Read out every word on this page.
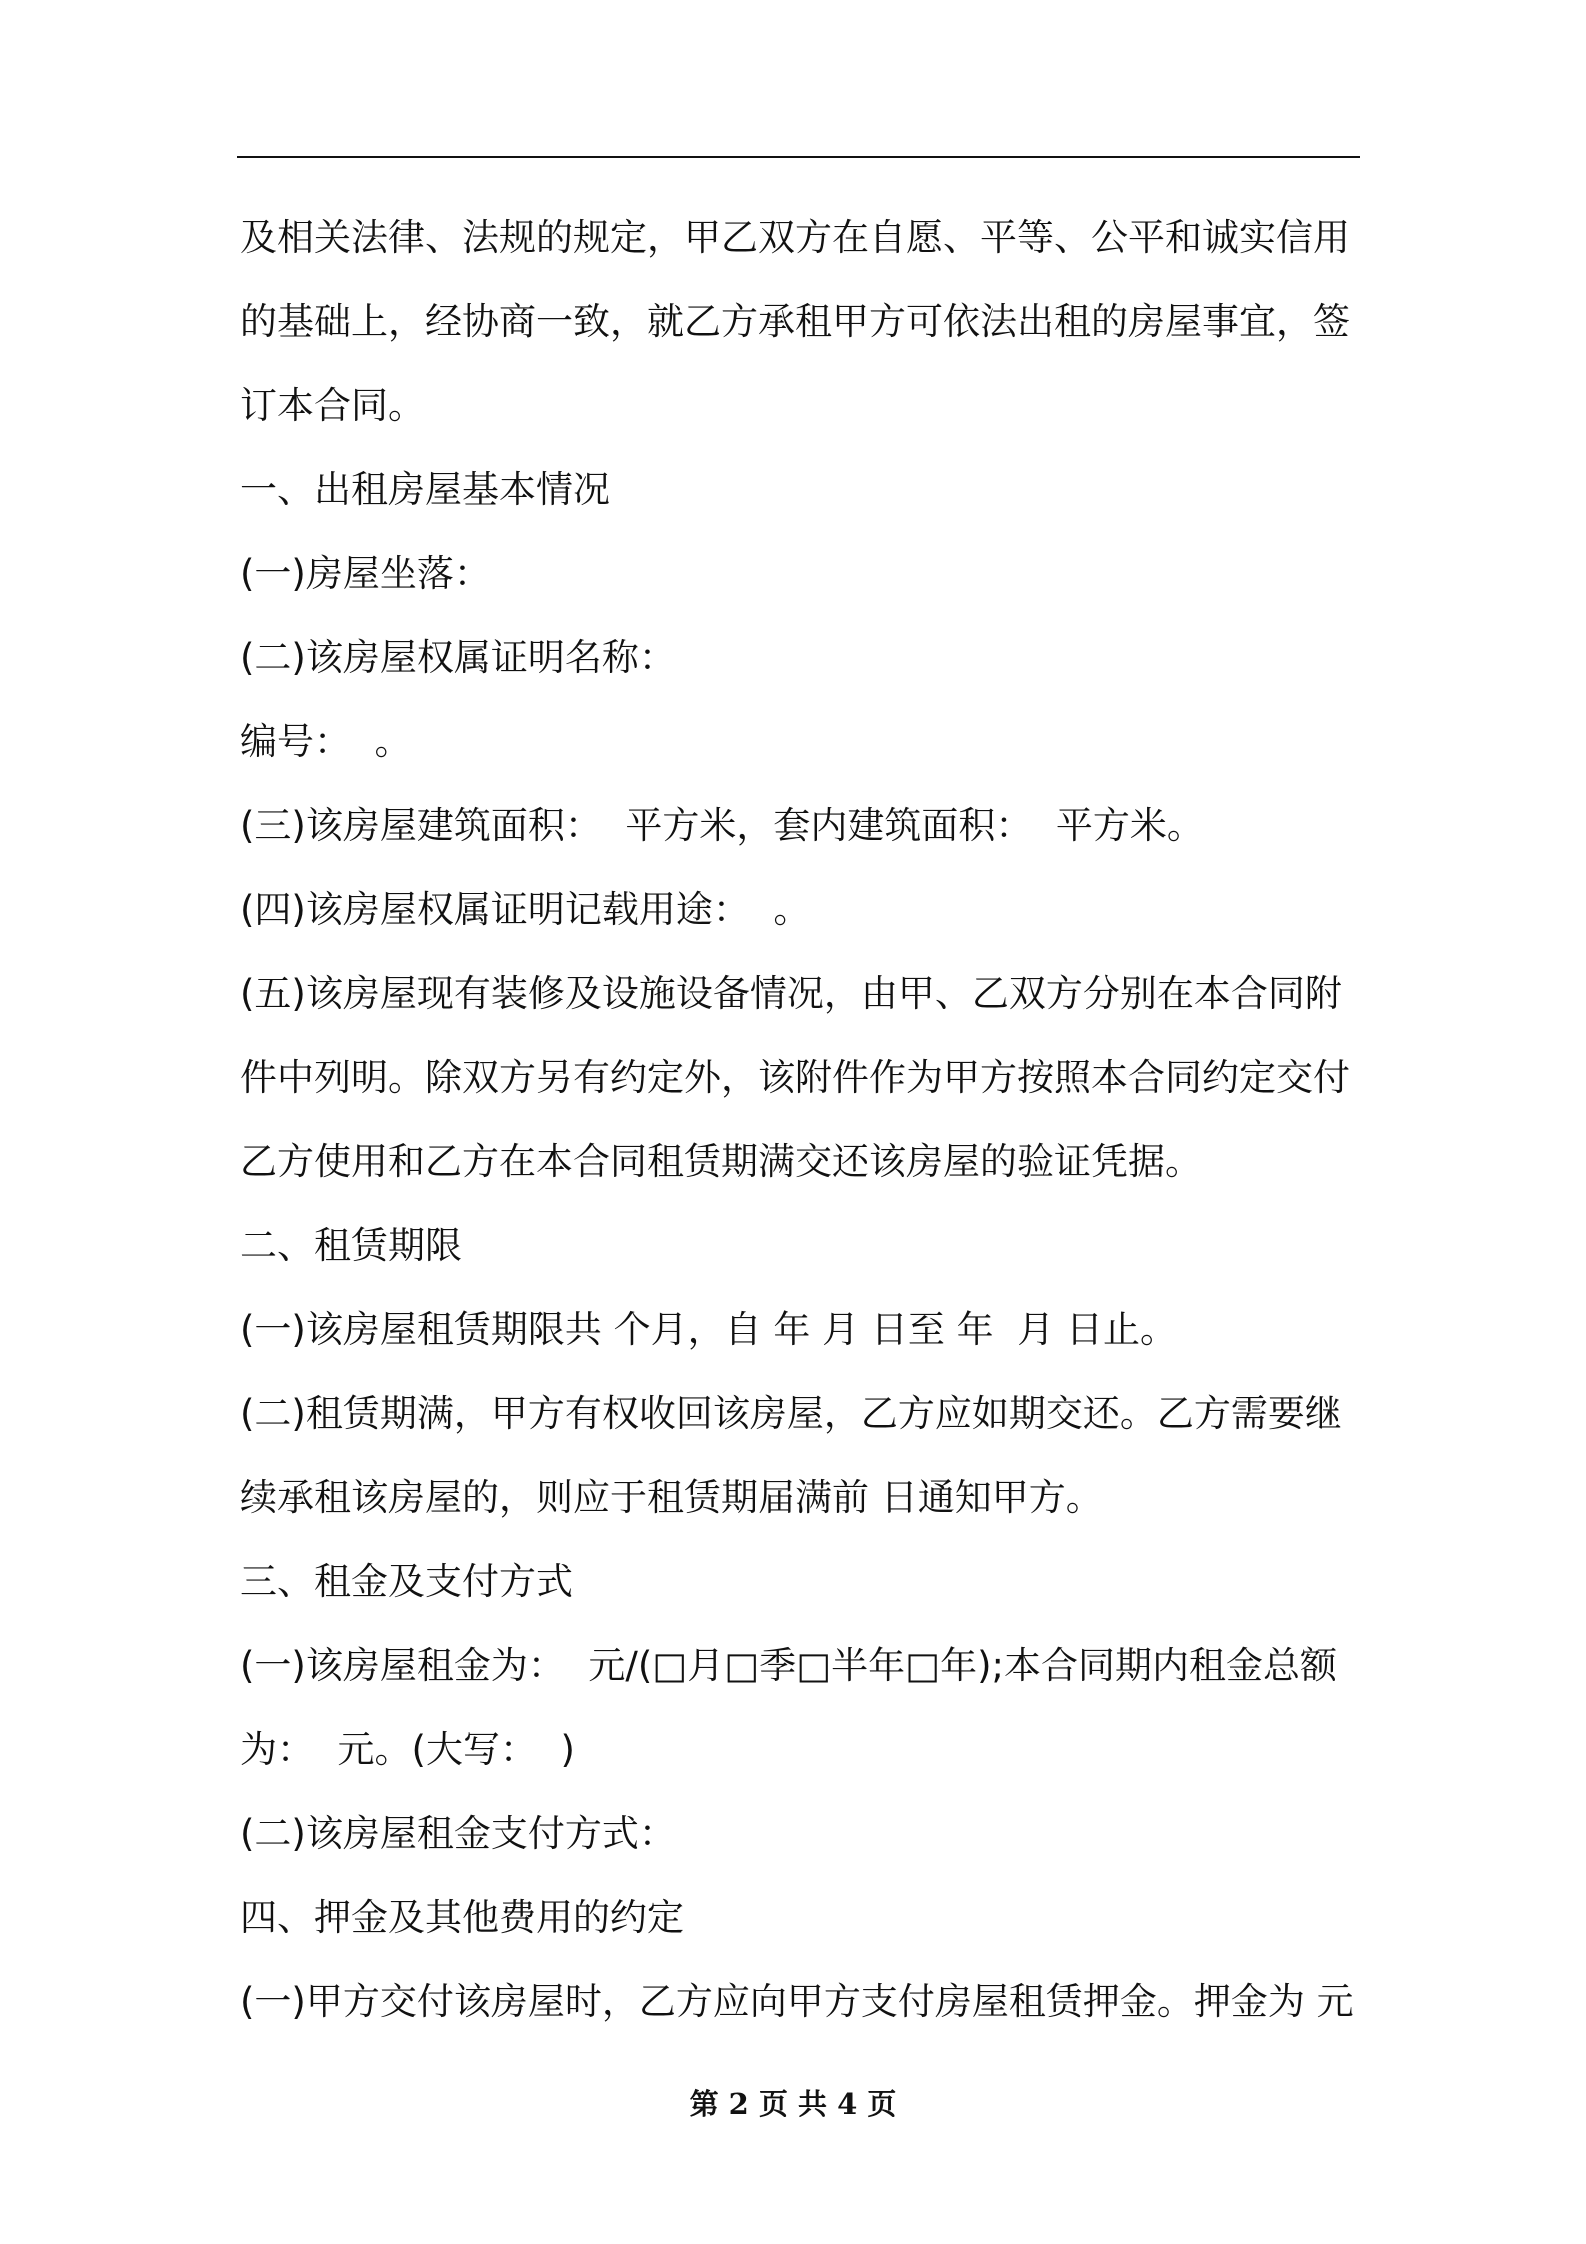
及相关法律、法规的规定，甲乙双方在自愿、平等、公平和诚实信用
的基础上，经协商一致，就乙方承租甲方可依法出租的房屋事宜，签
订本合同。
一、出租房屋基本情况
(一)房屋坐落：
(二)该房屋权属证明名称：
编号：  。
(三)该房屋建筑面积：  平方米，套内建筑面积：  平方米。
(四)该房屋权属证明记载用途：  。
(五)该房屋现有装修及设施设备情况，由甲、乙双方分别在本合同附
件中列明。除双方另有约定外，该附件作为甲方按照本合同约定交付
乙方使用和乙方在本合同租赁期满交还该房屋的验证凭据。
二、租赁期限
(一)该房屋租赁期限共 个月，自 年 月 日至 年  月 日止。
(二)租赁期满，甲方有权收回该房屋，乙方应如期交还。乙方需要继
续承租该房屋的，则应于租赁期届满前 日通知甲方。
三、租金及支付方式
(一)该房屋租金为：  元/(□月□季□半年□年);本合同期内租金总额
为：  元。(大写：  )
(二)该房屋租金支付方式：
四、押金及其他费用的约定
(一)甲方交付该房屋时，乙方应向甲方支付房屋租赁押金。押金为 元
第 2 页 共 4 页
